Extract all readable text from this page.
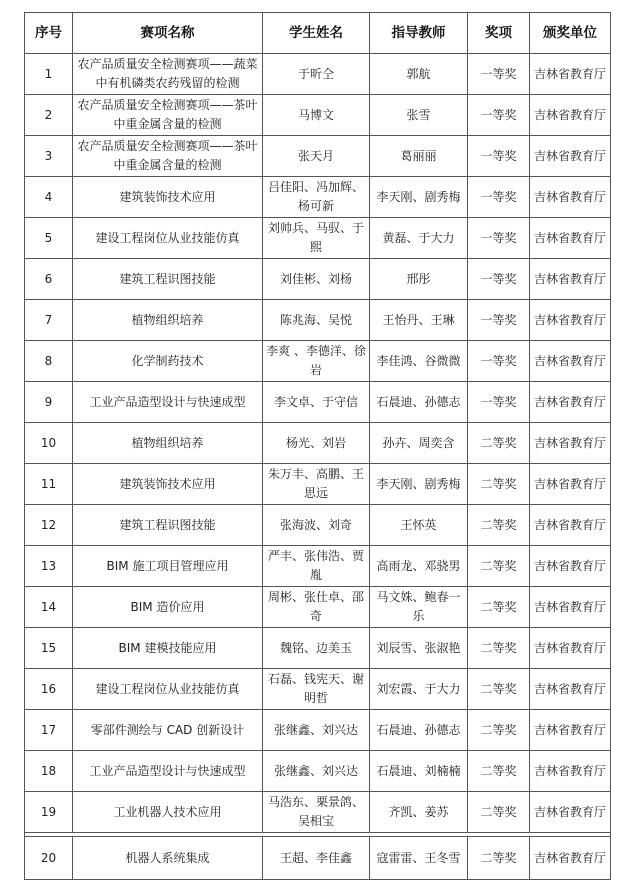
序号	赛项名称	学生姓名	指导教师	奖项	颁奖单位
1	农产品质量安全检测赛项——蔬菜中有机磷类农药残留的检测	于昕仝	郭航	一等奖	吉林省教育厅
2	农产品质量安全检测赛项——茶叶中重金属含量的检测	马博文	张雪	一等奖	吉林省教育厅
3	农产品质量安全检测赛项——茶叶中重金属含量的检测	张天月	葛丽丽	一等奖	吉林省教育厅
4	建筑装饰技术应用	吕佳阳、冯加辉、杨可新	李天刚、剧秀梅	一等奖	吉林省教育厅
5	建设工程岗位从业技能仿真	刘帅兵、马驭、于熙	黄磊、于大力	一等奖	吉林省教育厅
6	建筑工程识图技能	刘佳彬、刘杨	邢彤	一等奖	吉林省教育厅
7	植物组织培养	陈兆海、吴悦	王怡丹、王琳	一等奖	吉林省教育厅
8	化学制药技术	李爽 、李德洋、徐岩	李佳鸿、谷微微	一等奖	吉林省教育厅
9	工业产品造型设计与快速成型	李文卓、于守信	石晨迪、孙德志	一等奖	吉林省教育厅
10	植物组织培养	杨光、刘岩	孙卉、周奕含	二等奖	吉林省教育厅
11	建筑装饰技术应用	朱万丰、高鹏、王思远	李天刚、剧秀梅	二等奖	吉林省教育厅
12	建筑工程识图技能	张海波、刘奇	王怀英	二等奖	吉林省教育厅
13	BIM 施工项目管理应用	严丰、张伟浩、贾胤	高雨龙、邓骁男	二等奖	吉林省教育厅
14	BIM 造价应用	周彬、张仕卓、邵奇	马文姝、鲍春一乐	二等奖	吉林省教育厅
15	BIM 建模技能应用	魏铭、边美玉	刘辰雪、张淑艳	二等奖	吉林省教育厅
16	建设工程岗位从业技能仿真	石磊、钱宪天、谢明哲	刘宏霞、于大力	二等奖	吉林省教育厅
17	零部件测绘与 CAD 创新设计	张继鑫、刘兴达	石晨迪、孙德志	二等奖	吉林省教育厅
18	工业产品造型设计与快速成型	张继鑫、刘兴达	石晨迪、刘楠楠	二等奖	吉林省教育厅
19	工业机器人技术应用	马浩东、栗景鸽、吴相宝	齐凯、姜苏	二等奖	吉林省教育厅

20	机器人系统集成	王超、李佳鑫	寇雷雷、王冬雪	二等奖	吉林省教育厅
